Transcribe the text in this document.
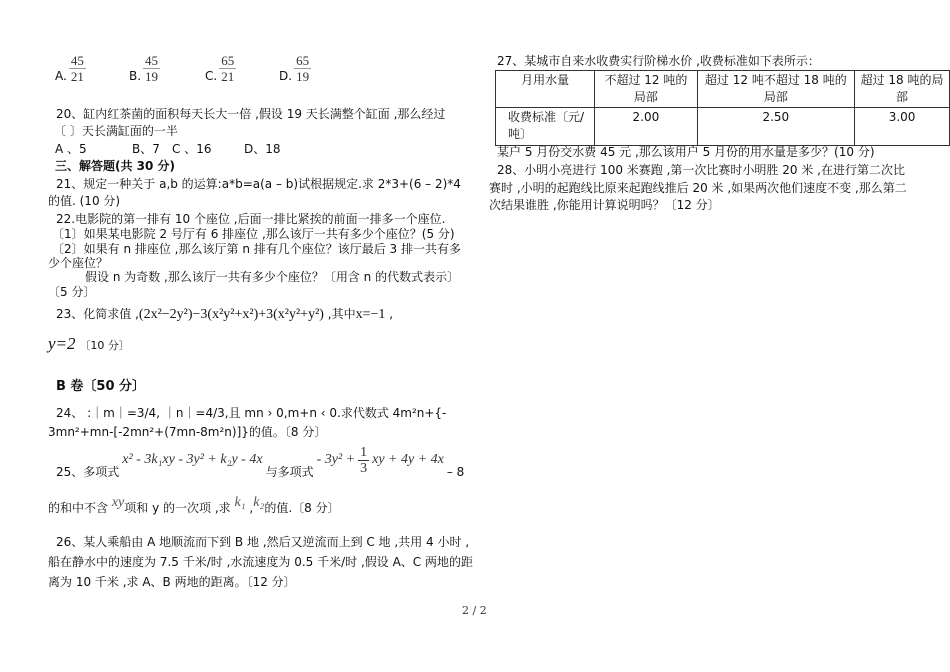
A. $\frac{45}{21}$	B. $\frac{45}{19}$	C. $\frac{65}{21}$	D. $\frac{65}{19}$
20、缸内红茶菌的面积每天长大一倍 ,假设 19 天长满整个缸面 ,那么经过
〔 〕天长满缸面的一半
A 、5	B、7 C 、16	D、18
三、解答题(共 30 分)
21、规定一种关于 a,b 的运算:a*b=a(a – b)试根据规定.求 2*3+(6 – 2)*4
的值. (10 分)
22.电影院的第一排有 10 个座位 ,后面一排比紧挨的前面一排多一个座位.
〔1〕如果某电影院 2 号厅有 6 排座位 ,那么该厅一共有多少个座位？(5 分)
〔2〕如果有 n 排座位 ,那么该厅第 n 排有几个座位？该厅最后 3 排一共有多
少个座位？
假设 n 为奇数 ,那么该厅一共有多少个座位？〔用含 n 的代数式表示〕
〔5 分〕
23、化简求值 ,(2x²−2y²)−3(x²y²+x²)+3(x²y²+y²) ,其中x=−1 ,
y=2 〔10 分〕
B 卷〔50 分〕
24、 :｜m｜=3/4, ｜n｜=4/3,且 mn › 0,m+n ‹ 0.求代数式 4m²n+{-
3mn²+mn-[-2mn²+(7mn-8m²n)]}的值。〔8 分〕
25、多项式
x² - 3k₁xy - 3y² + k₂y - 4x
与多项式
- $3y^2 + \frac{1}{3}$ xy + 4y + 4x
– 8
的和中不含 xy项和 y 的一次项 ,求 k₁ ,k₂的值.〔8 分〕
26、某人乘船由 A 地顺流而下到 B 地 ,然后又逆流而上到 C 地 ,共用 4 小时 ,
船在静水中的速度为 7.5 千米/时 ,水流速度为 0.5 千米/时 ,假设 A、C 两地的距
离为 10 千米 ,求 A、B 两地的距离。〔12 分〕
27、某城市自来水收费实行阶梯水价 ,收费标准如下表所示：
月用水量	不超过 12 吨的局部	超过 12 吨不超过 18 吨的局部	超过 18 吨的局部
收费标准〔元/吨〕	2.00	2.50	3.00
某户 5 月份交水费 45 元 ,那么该用户 5 月份的用水量是多少？(10 分)
28、小明小亮进行 100 米赛跑 ,第一次比赛时小明胜 20 米 ,在进行第二次比
赛时 ,小明的起跑线比原来起跑线推后 20 米 ,如果两次他们速度不变 ,那么第二
次结果谁胜 ,你能用计算说明吗？〔12 分〕
2 / 2
